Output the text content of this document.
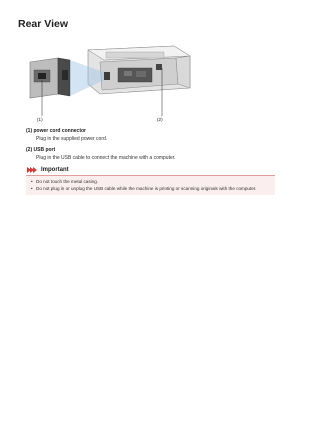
Rear View
(1)	(2)

(1) power cord connector

Plug in the supplied power cord.

(2) USB port

Plug in the USB cable to connect the machine with a computer.

Important
• Do not touch the metal casing.
• Do not plug in or unplug the USB cable while the machine is printing or scanning originals with the computer.
